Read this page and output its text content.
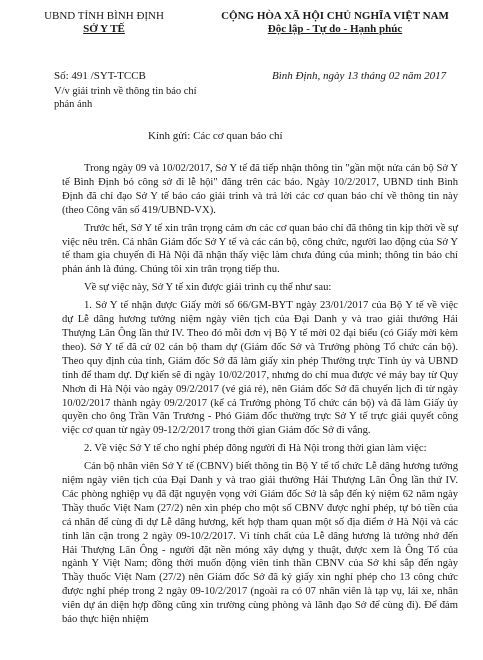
UBND TỈNH BÌNH ĐỊNH
SỞ Y TẾ
CỘNG HÒA XÃ HỘI CHỦ NGHĨA VIỆT NAM
Độc lập - Tự do - Hạnh phúc
Số: 491 /SYT-TCCB
V/v giải trình về thông tin báo chí phản ánh
Bình Định, ngày 13 tháng 02 năm 2017
Kính gửi: Các cơ quan báo chí

Trong ngày 09 và 10/02/2017, Sở Y tế đã tiếp nhận thông tin "gần một nửa cán bộ Sở Y tế Bình Định bỏ công sở đi lễ hội" đăng trên các báo. Ngày 10/2/2017, UBND tỉnh Bình Định đã chỉ đạo Sở Y tế báo cáo giải trình và trả lời các cơ quan báo chí về thông tin này (theo Công văn số 419/UBND-VX).

Trước hết, Sở Y tế xin trân trọng cảm ơn các cơ quan báo chí đã thông tin kịp thời về sự việc nêu trên. Cá nhân Giám đốc Sở Y tế và các cán bộ, công chức, người lao động của Sở Y tế tham gia chuyến đi Hà Nội đã nhận thấy việc làm chưa đúng của mình; thông tin báo chí phản ánh là đúng. Chúng tôi xin trân trọng tiếp thu.

Về sự việc này, Sở Y tế xin được giải trình cụ thể như sau:

1. Sở Y tế nhận được Giấy mời số 66/GM-BYT ngày 23/01/2017 của Bộ Y tế về việc dự Lễ dâng hương tưởng niệm ngày viên tịch của Đại Danh y và trao giải thưởng Hải Thượng Lãn Ông lần thứ IV. Theo đó mỗi đơn vị Bộ Y tế mời 02 đại biểu (có Giấy mời kèm theo). Sở Y tế đã cử 02 cán bộ tham dự (Giám đốc Sở và Trưởng phòng Tổ chức cán bộ). Theo quy định của tỉnh, Giám đốc Sở đã làm giấy xin phép Thường trực Tỉnh ủy và UBND tỉnh để tham dự. Dự kiến sẽ đi ngày 10/02/2017, nhưng do chỉ mua được vé máy bay từ Quy Nhơn đi Hà Nội vào ngày 09/2/2017 (vé giá rẻ), nên Giám đốc Sở đã chuyển lịch đi từ ngày 10/02/2017 thành ngày 09/2/2017 (kể cả Trưởng phòng Tổ chức cán bộ) và đã làm Giấy ủy quyền cho ông Trần Văn Trương - Phó Giám đốc thường trực Sở Y tế trực giải quyết công việc cơ quan từ ngày 09-12/2/2017 trong thời gian Giám đốc Sở đi vắng.

2. Về việc Sở Y tế cho nghỉ phép đông người đi Hà Nội trong thời gian làm việc:

Cán bộ nhân viên Sở Y tế (CBNV) biết thông tin Bộ Y tế tổ chức Lễ dâng hương tưởng niệm ngày viên tịch của Đại Danh y và trao giải thưởng Hải Thượng Lãn Ông lần thứ IV. Các phòng nghiệp vụ đã đặt nguyện vọng với Giám đốc Sở là sắp đến kỷ niệm 62 năm ngày Thầy thuốc Việt Nam (27/2) nên xin phép cho một số CBNV được nghỉ phép, tự bỏ tiền của cá nhân để cùng đi dự Lễ dâng hương, kết hợp tham quan một số địa điểm ở Hà Nội và các tỉnh lân cận trong 2 ngày 09-10/2/2017. Vì tính chất của Lễ dâng hương là tưởng nhớ đến Hải Thượng Lãn Ông - người đặt nền móng xây dựng y thuật, được xem là Ông Tổ của ngành Y Việt Nam; đồng thời muốn động viên tinh thần CBNV của Sở khi sắp đến ngày Thầy thuốc Việt Nam (27/2) nên Giám đốc Sở đã ký giấy xin nghỉ phép cho 13 công chức được nghỉ phép trong 2 ngày 09-10/2/2017 (ngoài ra có 07 nhân viên là tạp vụ, lái xe, nhân viên dự án diện hợp đồng cũng xin trường cùng phòng và lãnh đạo Sở để cùng đi). Để đảm bảo thực hiện nhiệm
